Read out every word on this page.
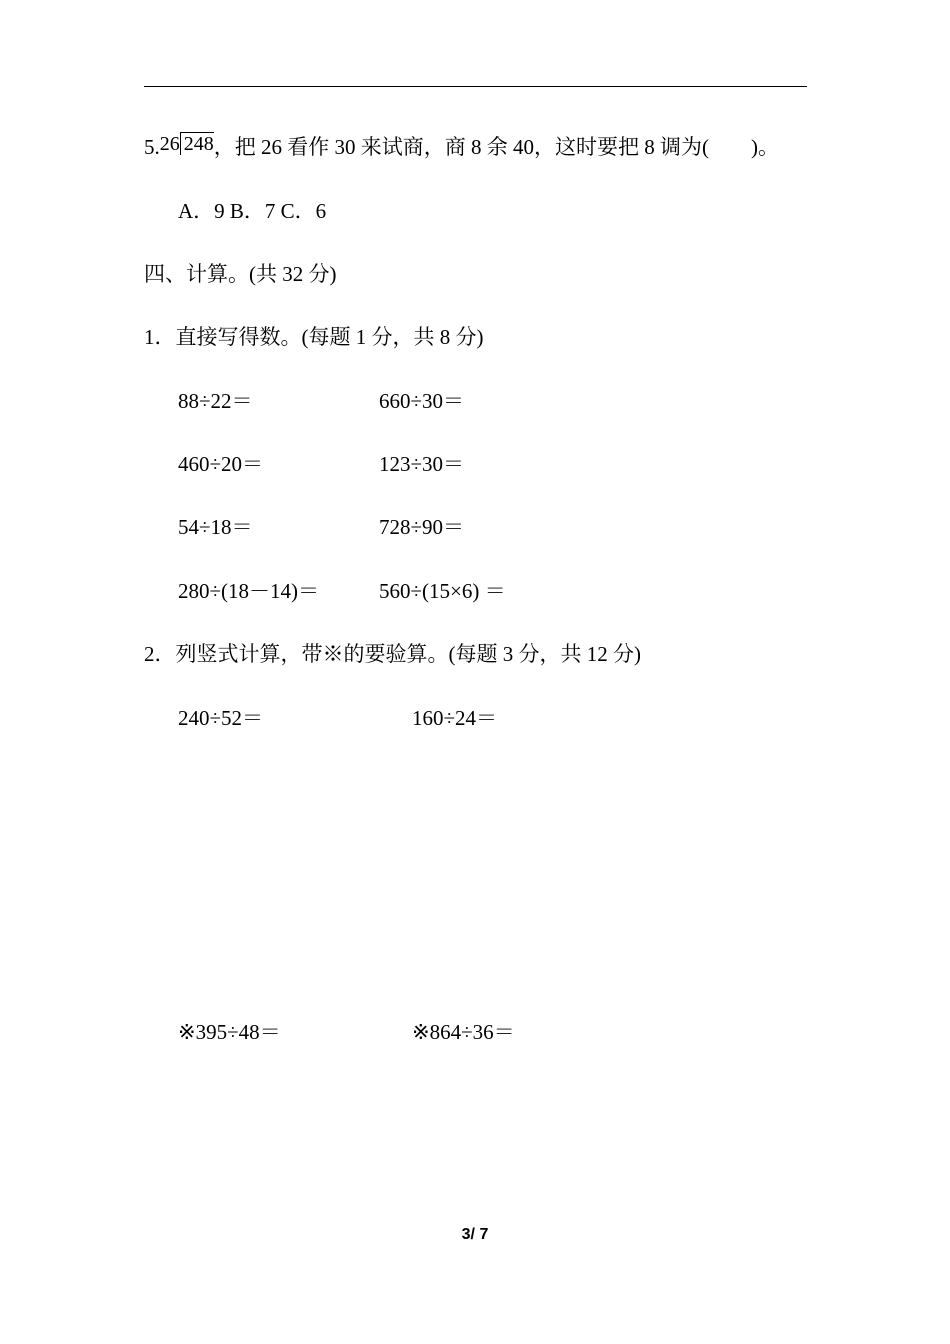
5.26 248，把 26 看作 30 来试商，商 8 余 40，这时要把 8 调为(　　)。
A．9 B．7 C．6
四、计算。(共 32 分)
1．直接写得数。(每题 1 分，共 8 分)
88÷22＝	660÷30＝
460÷20＝	123÷30＝
54÷18＝	728÷90＝
280÷(18－14)＝	560÷(15×6) ＝
2．列竖式计算，带※的要验算。(每题 3 分，共 12 分)
240÷52＝	160÷24＝
※395÷48＝	※864÷36＝
3/ 7
